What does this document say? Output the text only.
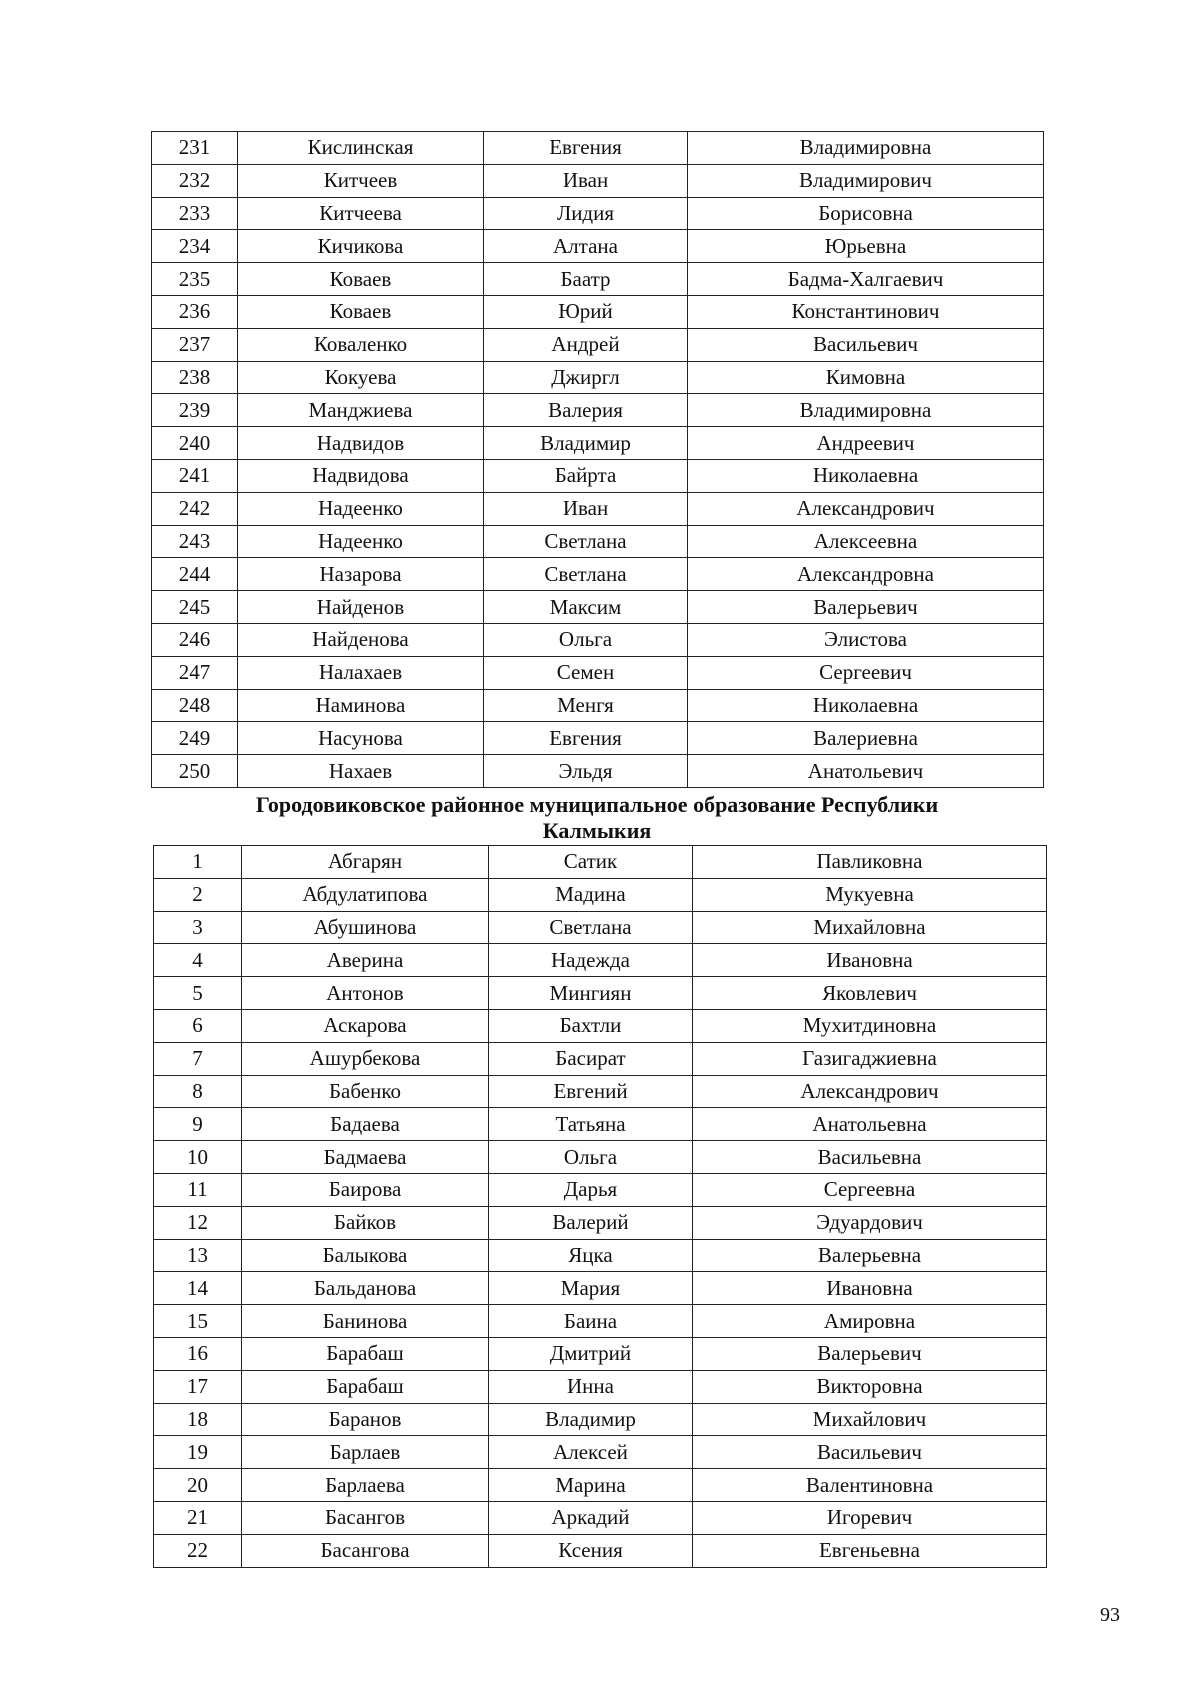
231	Кислинская	Евгения	Владимировна
232	Китчеев	Иван	Владимирович
233	Китчеева	Лидия	Борисовна
234	Кичикова	Алтана	Юрьевна
235	Коваев	Баатр	Бадма-Халгаевич
236	Коваев	Юрий	Константинович
237	Коваленко	Андрей	Васильевич
238	Кокуева	Джиргл	Кимовна
239	Манджиева	Валерия	Владимировна
240	Надвидов	Владимир	Андреевич
241	Надвидова	Байрта	Николаевна
242	Надеенко	Иван	Александрович
243	Надеенко	Светлана	Алексеевна
244	Назарова	Светлана	Александровна
245	Найденов	Максим	Валерьевич
246	Найденова	Ольга	Элистова
247	Налахаев	Семен	Сергеевич
248	Наминова	Менгя	Николаевна
249	Насунова	Евгения	Валериевна
250	Нахаев	Эльдя	Анатольевич
Городовиковское районное муниципальное образование Республики
Калмыкия
1	Абгарян	Сатик	Павликовна
2	Абдулатипова	Мадина	Мукуевна
3	Абушинова	Светлана	Михайловна
4	Аверина	Надежда	Ивановна
5	Антонов	Мингиян	Яковлевич
6	Аскарова	Бахтли	Мухитдиновна
7	Ашурбекова	Басират	Газигаджиевна
8	Бабенко	Евгений	Александрович
9	Бадаева	Татьяна	Анатольевна
10	Бадмаева	Ольга	Васильевна
11	Баирова	Дарья	Сергеевна
12	Байков	Валерий	Эдуардович
13	Балыкова	Яцка	Валерьевна
14	Бальданова	Мария	Ивановна
15	Банинова	Баина	Амировна
16	Барабаш	Дмитрий	Валерьевич
17	Барабаш	Инна	Викторовна
18	Баранов	Владимир	Михайлович
19	Барлаев	Алексей	Васильевич
20	Барлаева	Марина	Валентиновна
21	Басангов	Аркадий	Игоревич
22	Басангова	Ксения	Евгеньевна
93
